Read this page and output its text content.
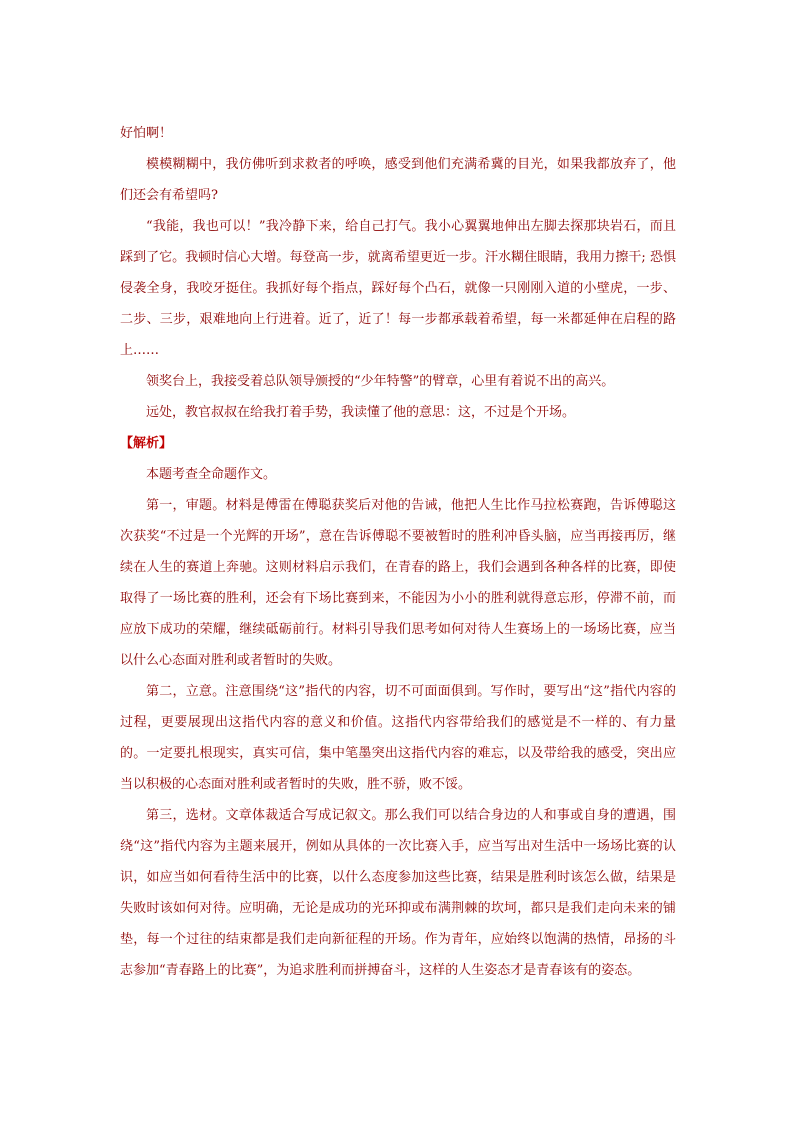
好怕啊！

模模糊糊中，我仿佛听到求救者的呼唤，感受到他们充满希冀的目光，如果我都放弃了，他们还会有希望吗?

“我能，我也可以！”我冷静下来，给自己打气。我小心翼翼地伸出左脚去探那块岩石，而且踩到了它。我顿时信心大增。每登高一步，就离希望更近一步。汗水糊住眼睛，我用力擦干; 恐惧侵袭全身，我咬牙挺住。我抓好每个指点，踩好每个凸石，就像一只刚刚入道的小壁虎，一步、二步、三步，艰难地向上行进着。近了，近了！每一步都承载着希望，每一米都延伸在启程的路上……

领奖台上，我接受着总队领导颁授的“少年特警”的臂章，心里有着说不出的高兴。

远处，教官叔叔在给我打着手势，我读懂了他的意思：这，不过是个开场。

【解析】

本题考查全命题作文。

第一，审题。材料是傅雷在傅聪获奖后对他的告诫，他把人生比作马拉松赛跑，告诉傅聪这次获奖“不过是一个光辉的开场”，意在告诉傅聪不要被暂时的胜利冲昏头脑，应当再接再厉，继续在人生的赛道上奔驰。这则材料启示我们，在青春的路上，我们会遇到各种各样的比赛，即使取得了一场比赛的胜利，还会有下场比赛到来，不能因为小小的胜利就得意忘形，停滞不前，而应放下成功的荣耀，继续砥砺前行。材料引导我们思考如何对待人生赛场上的一场场比赛，应当以什么心态面对胜利或者暂时的失败。

第二，立意。注意围绕“这”指代的内容，切不可面面俱到。写作时，要写出“这”指代内容的过程，更要展现出这指代内容的意义和价值。这指代内容带给我们的感觉是不一样的、有力量的。一定要扎根现实，真实可信，集中笔墨突出这指代内容的难忘，以及带给我的感受，突出应当以积极的心态面对胜利或者暂时的失败，胜不骄，败不馁。

第三，选材。文章体裁适合写成记叙文。那么我们可以结合身边的人和事或自身的遭遇，围绕“这”指代内容为主题来展开，例如从具体的一次比赛入手，应当写出对生活中一场场比赛的认识，如应当如何看待生活中的比赛，以什么态度参加这些比赛，结果是胜利时该怎么做，结果是失败时该如何对待。应明确，无论是成功的光环抑或布满荆棘的坎坷，都只是我们走向未来的铺垫，每一个过往的结束都是我们走向新征程的开场。作为青年，应始终以饱满的热情，昂扬的斗志参加“青春路上的比赛”，为追求胜利而拼搏奋斗，这样的人生姿态才是青春该有的姿态。
